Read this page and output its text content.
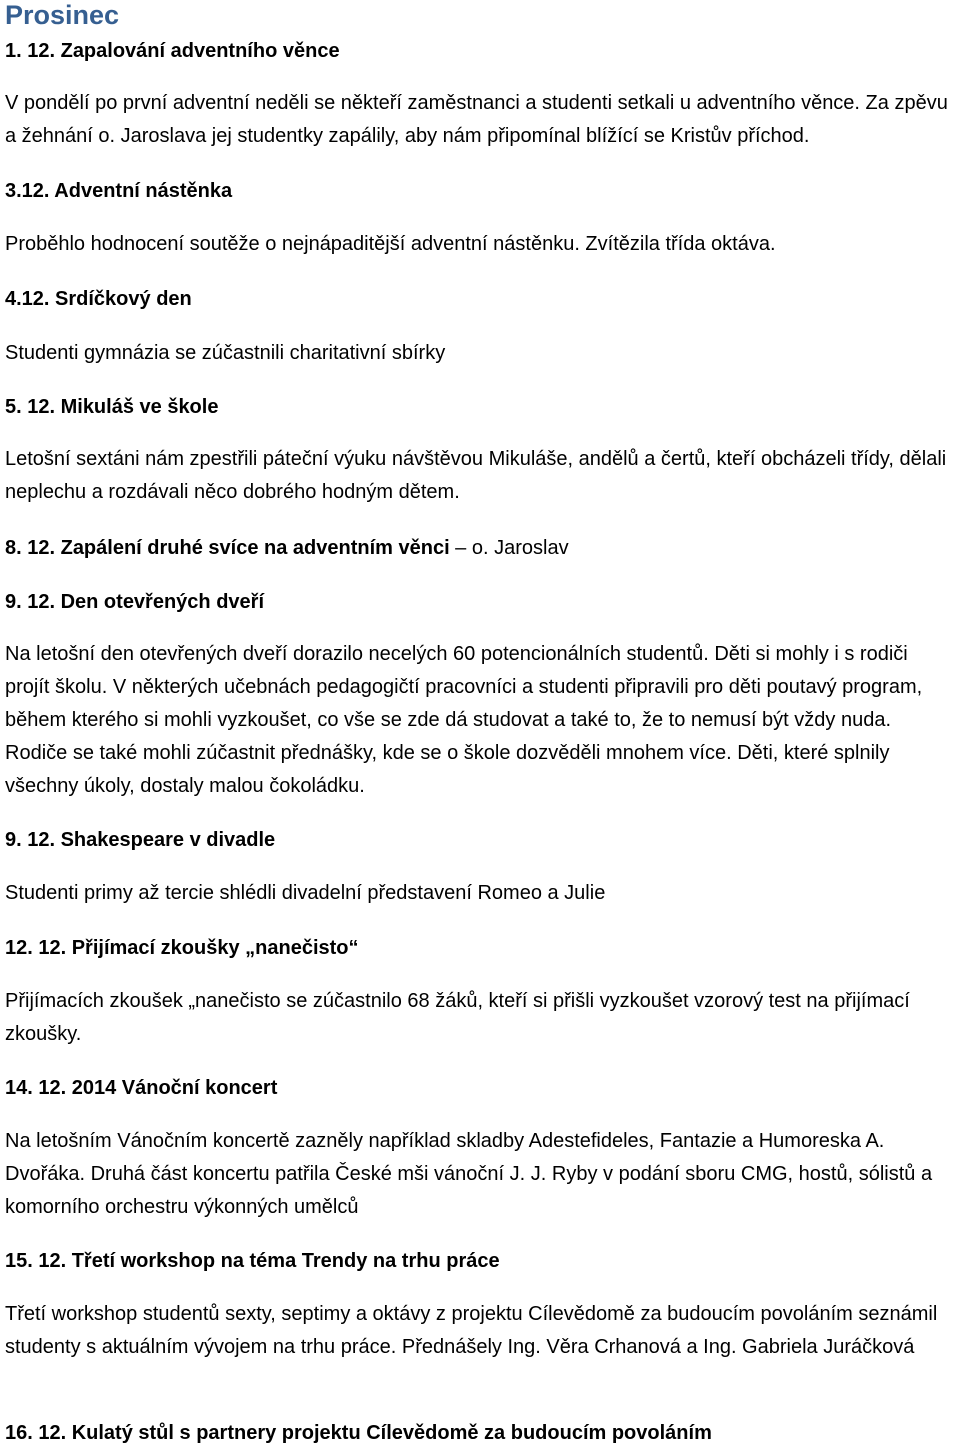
Prosinec

1. 12. Zapalování adventního věnce

V pondělí po první adventní neděli se někteří zaměstnanci a studenti setkali u adventního věnce. Za zpěvu a žehnání o. Jaroslava jej studentky zapálily, aby nám připomínal blížící se Kristův příchod.

3.12. Adventní nástěnka

Proběhlo hodnocení soutěže o nejnápaditější adventní nástěnku. Zvítězila třída oktáva.

4.12. Srdíčkový den

Studenti gymnázia se zúčastnili charitativní sbírky

5. 12. Mikuláš ve škole

Letošní sextáni nám zpestřili páteční výuku návštěvou Mikuláše, andělů a čertů, kteří obcházeli třídy, dělali neplechu a rozdávali něco dobrého hodným dětem.

8. 12. Zapálení druhé svíce na adventním věnci – o. Jaroslav

9. 12. Den otevřených dveří

Na letošní den otevřených dveří dorazilo necelých 60 potencionálních studentů. Děti si mohly i s rodiči projít školu. V některých učebnách pedagogičtí pracovníci a studenti připravili pro děti poutavý program, během kterého si mohli vyzkoušet, co vše se zde dá studovat a také to, že to nemusí být vždy nuda. Rodiče se také mohli zúčastnit přednášky, kde se o škole dozvěděli mnohem více. Děti, které splnily všechny úkoly, dostaly malou čokoládku.

9. 12. Shakespeare v divadle

Studenti primy až tercie shlédli divadelní představení Romeo a Julie

12. 12. Přijímací zkoušky „nanečisto“

Přijímacích zkoušek „nanečisto se zúčastnilo 68 žáků, kteří si přišli vyzkoušet vzorový test na přijímací zkoušky.

14. 12. 2014 Vánoční koncert

Na letošním Vánočním koncertě zazněly například skladby Adestefideles, Fantazie a Humoreska A. Dvořáka. Druhá část koncertu patřila České mši vánoční J. J. Ryby v podání sboru CMG, hostů, sólistů a komorního orchestru výkonných umělců

15. 12. Třetí workshop na téma Trendy na trhu práce

Třetí workshop studentů sexty, septimy a oktávy z projektu Cílevědomě za budoucím povoláním seznámil studenty s aktuálním vývojem na trhu práce. Přednášely Ing. Věra Crhanová a Ing. Gabriela Juráčková

16. 12. Kulatý stůl s partnery projektu Cílevědomě za budoucím povoláním
